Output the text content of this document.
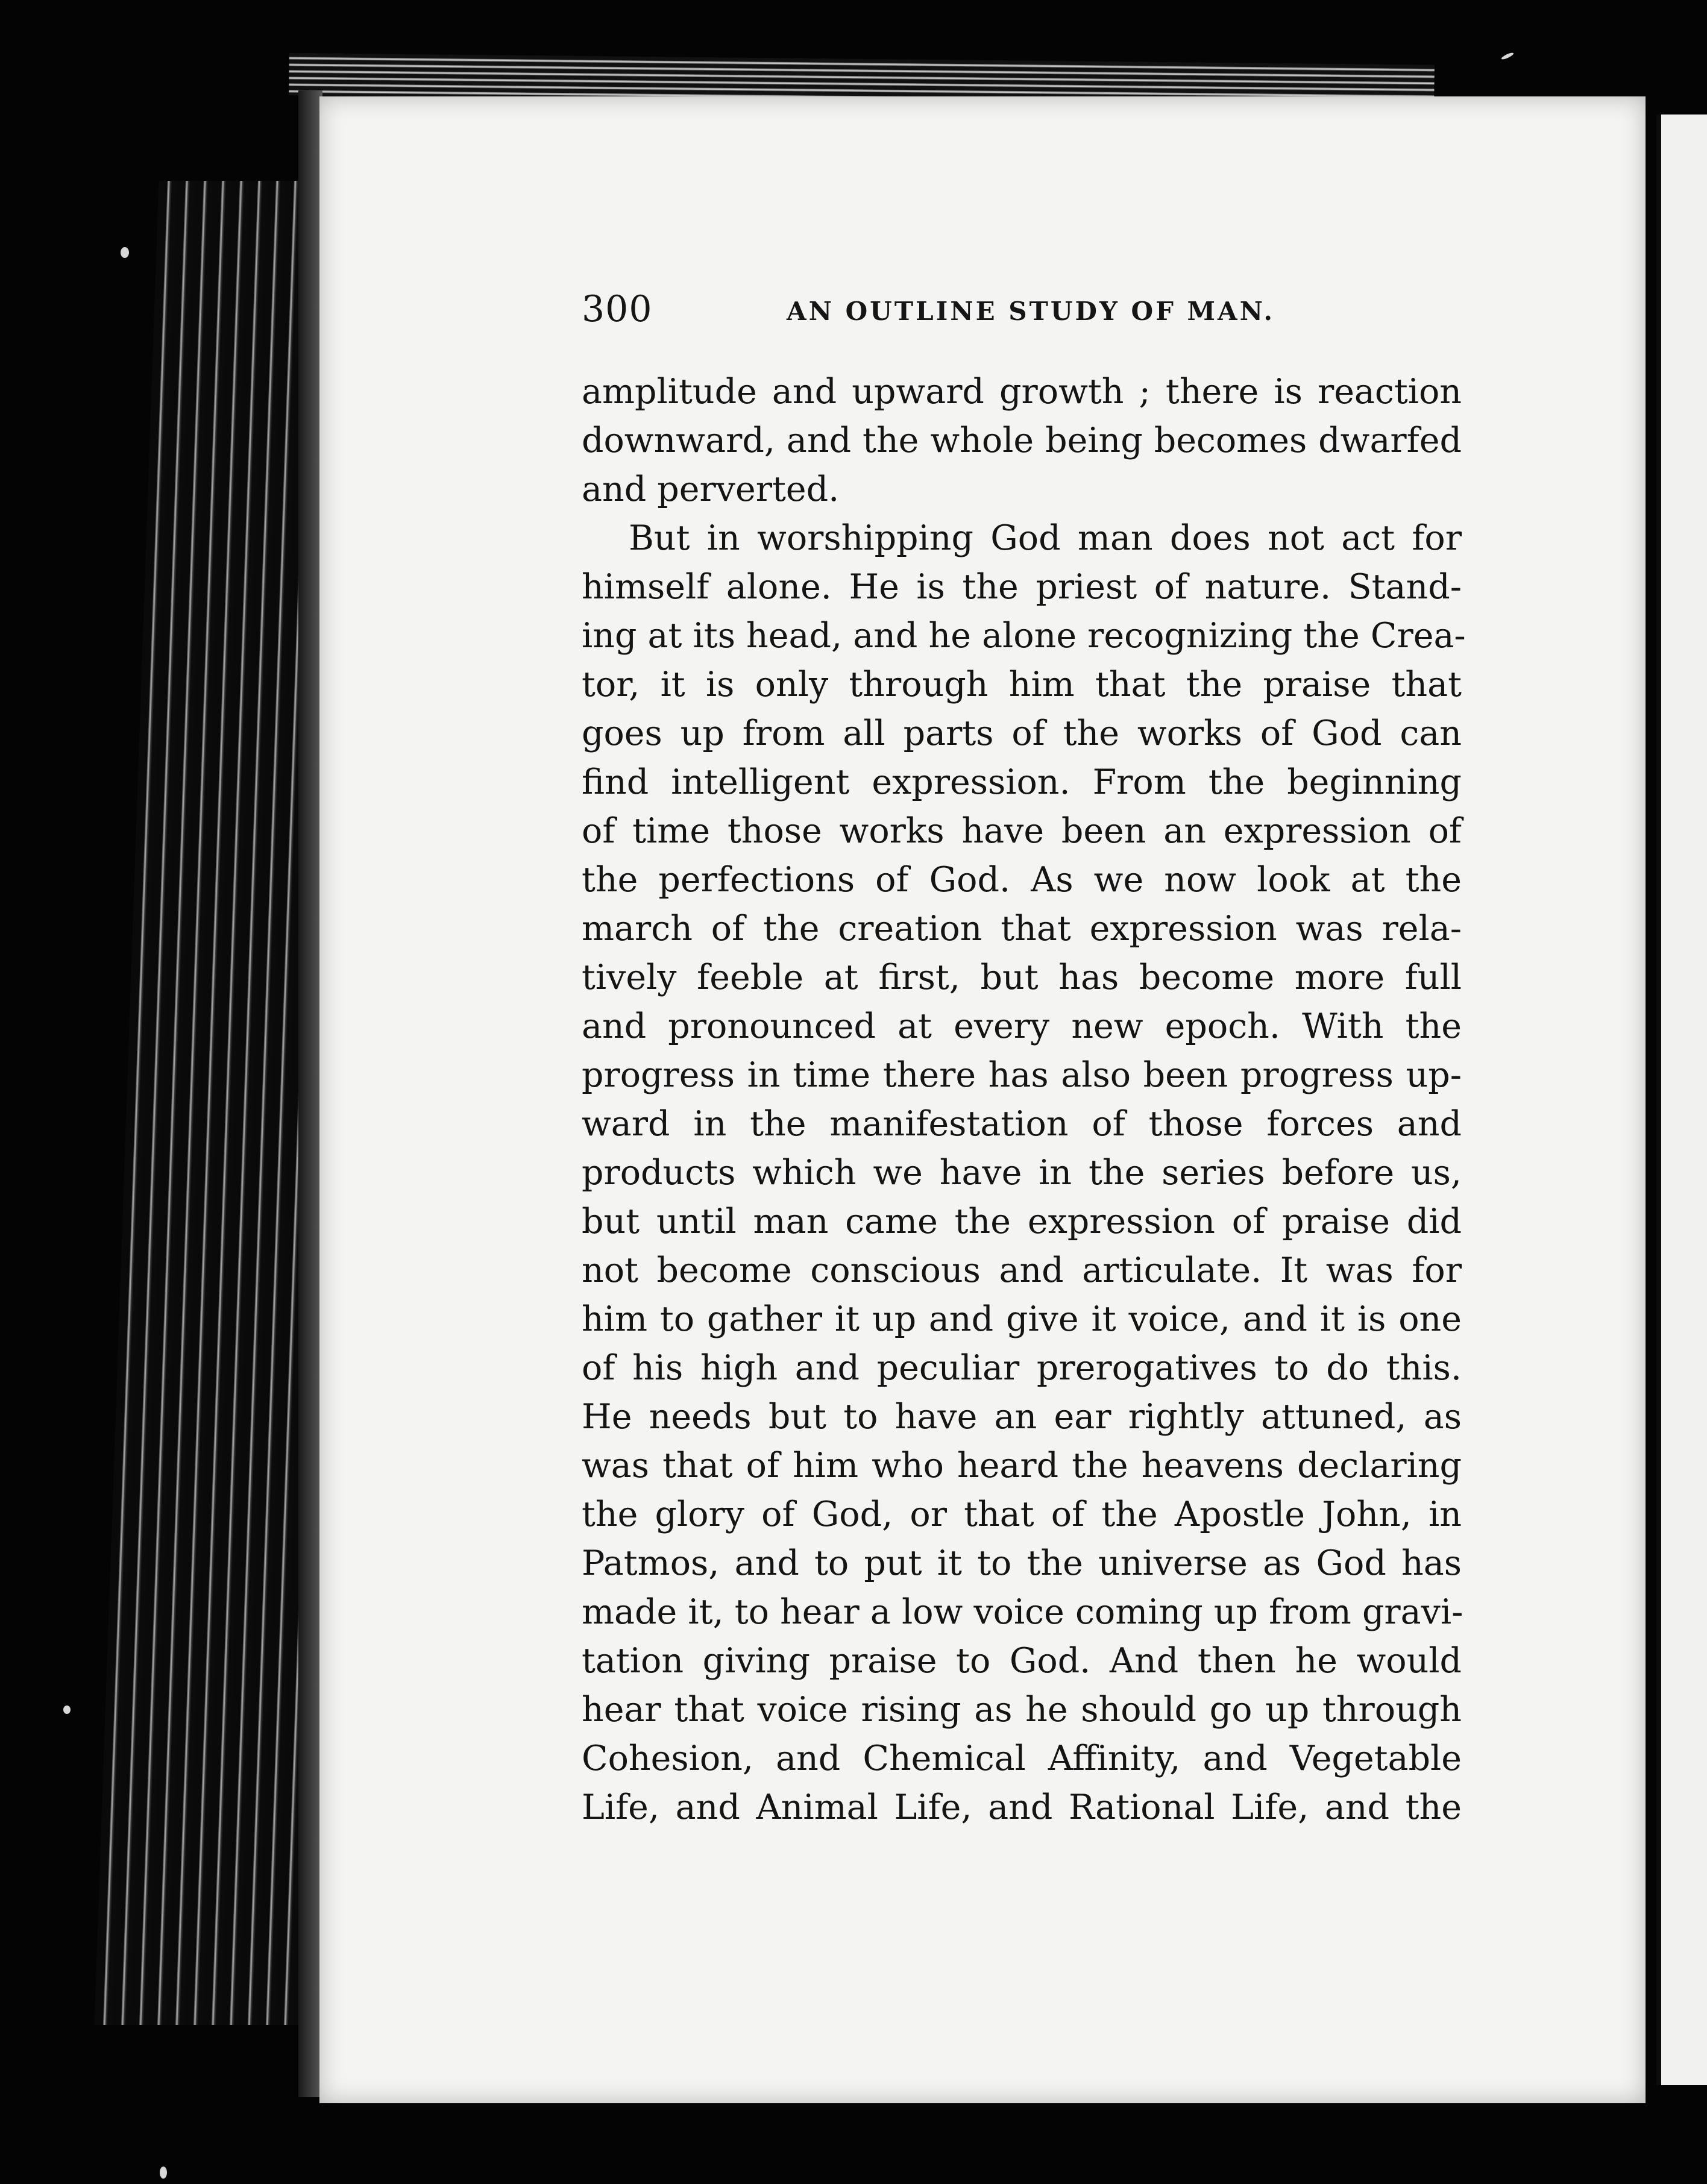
300	AN OUTLINE STUDY OF MAN.
amplitude and upward growth ; there is reaction
downward, and the whole being becomes dwarfed
and perverted.
But in worshipping God man does not act for
himself alone. He is the priest of nature. Stand-
ing at its head, and he alone recognizing the Crea-
tor, it is only through him that the praise that
goes up from all parts of the works of God can
find intelligent expression. From the beginning
of time those works have been an expression of
the perfections of God. As we now look at the
march of the creation that expression was rela-
tively feeble at first, but has become more full
and pronounced at every new epoch. With the
progress in time there has also been progress up-
ward in the manifestation of those forces and
products which we have in the series before us,
but until man came the expression of praise did
not become conscious and articulate. It was for
him to gather it up and give it voice, and it is one
of his high and peculiar prerogatives to do this.
He needs but to have an ear rightly attuned, as
was that of him who heard the heavens declaring
the glory of God, or that of the Apostle John, in
Patmos, and to put it to the universe as God has
made it, to hear a low voice coming up from gravi-
tation giving praise to God. And then he would
hear that voice rising as he should go up through
Cohesion, and Chemical Affinity, and Vegetable
Life, and Animal Life, and Rational Life, and the
